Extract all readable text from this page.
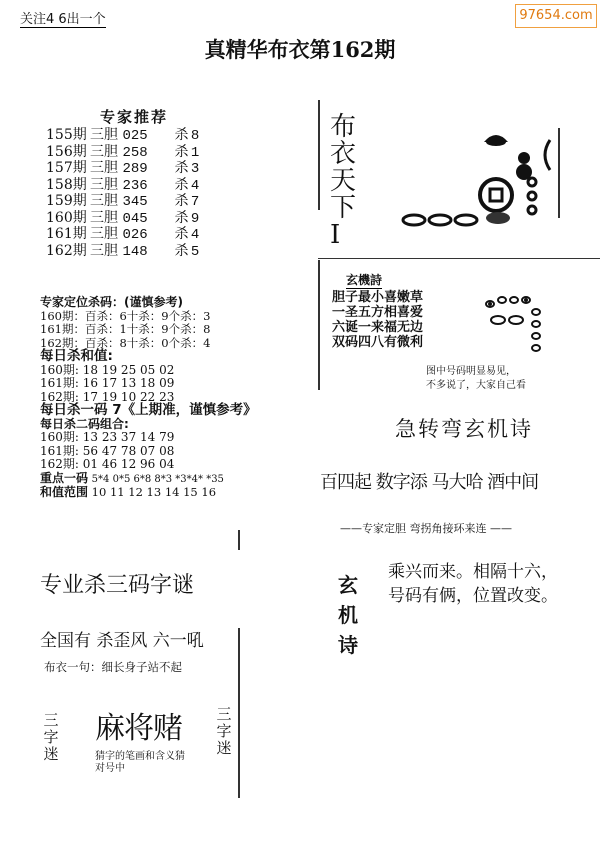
关注4 6出一个	97654.com
真精华布衣第162期
专家推荐
155期 三胆 025 杀 8
156期 三胆 258 杀 1
157期 三胆 289 杀 3
158期 三胆 236 杀 4
159期 三胆 345 杀 7
160期 三胆 045 杀 9
161期 三胆 026 杀 4
162期 三胆 148 杀 5
专家定位杀码：(谨慎参考)
160期：百杀：6十杀：9个杀：3
161期：百杀：1十杀：9个杀：8
162期：百杀：8十杀：0个杀：4
每日杀和值:
160期: 18 19 25 05 02
161期: 16 17 13 18 09
162期: 17 19 10 22 23
每日杀一码 7《上期准，谨慎参考》
每日杀二码组合:
160期: 13 23 37 14 79
161期: 56 47 78 07 08
162期: 01 46 12 96 04
重点一码 5*4 0*5 6*8 8*3 *3*4* *35
和值范围 10 11 12 13 14 15 16
专业杀三码字谜
全国有 杀歪风 六一吼
布衣一句：细长身子站不起
三字迷
麻将赌
猜字的笔画和含义猜对号中
三字迷
布衣天下Ⅰ
玄機詩
胆子最小喜嫩草
一圣五方相喜爱
六诞一来福无边
双码四八有微利
图中号码明显易见，
不多说了，大家自己看
急转弯玄机诗
百四起 数字添 马大哈 酒中间
——专家定胆 弯拐角接环来连 ——
玄机诗
乘兴而来。相隔十六，
号码有俩，位置改变。
